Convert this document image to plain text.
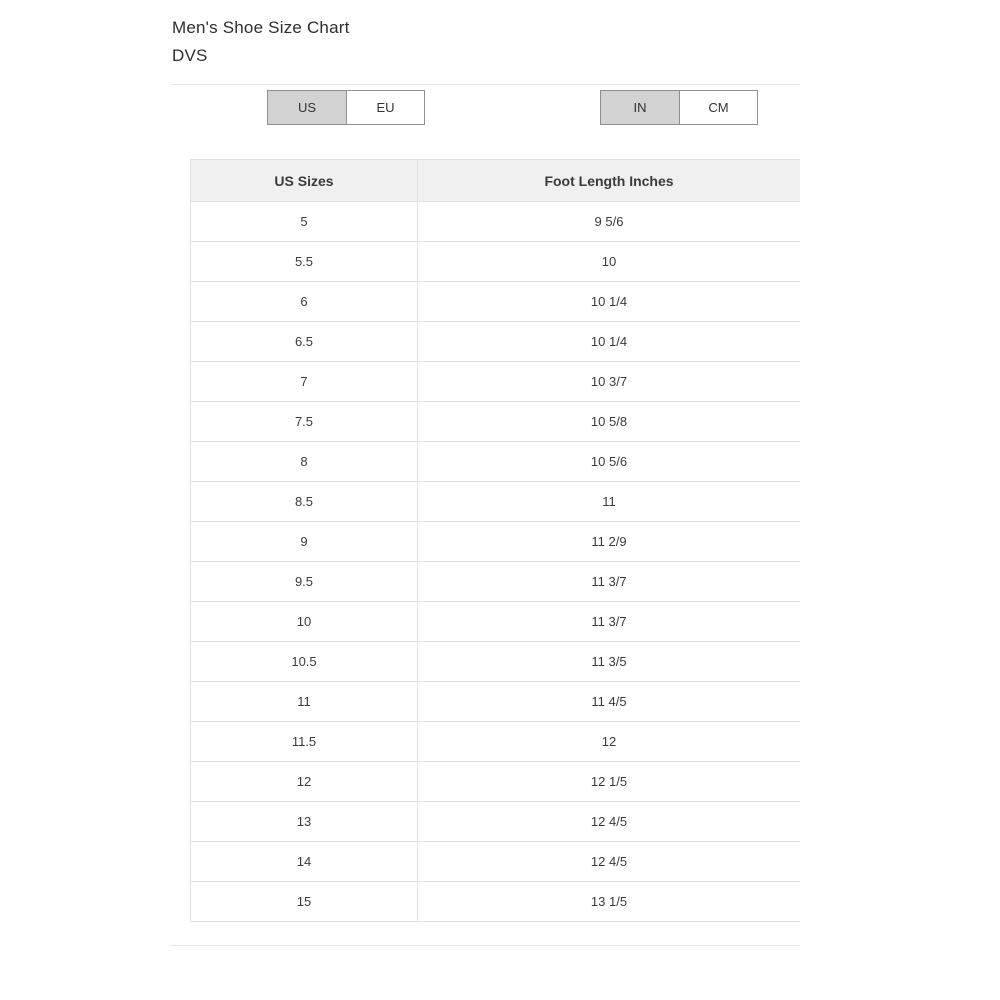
Men's Shoe Size Chart
DVS
US	EU	IN	CM
US Sizes	Foot Length Inches
5	9 5/6
5.5	10
6	10 1/4
6.5	10 1/4
7	10 3/7
7.5	10 5/8
8	10 5/6
8.5	11
9	11 2/9
9.5	11 3/7
10	11 3/7
10.5	11 3/5
11	11 4/5
11.5	12
12	12 1/5
13	12 4/5
14	12 4/5
15	13 1/5
